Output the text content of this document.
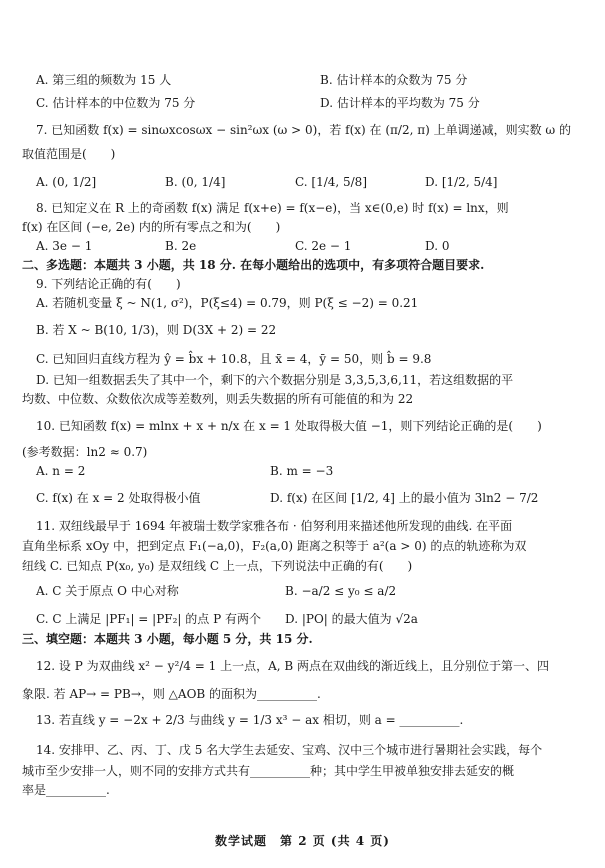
A. 第三组的频数为 15 人	B. 估计样本的众数为 75 分
C. 估计样本的中位数为 75 分	D. 估计样本的平均数为 75 分
7. 已知函数 f(x) = sinωxcosωx − sin²ωx (ω > 0)，若 f(x) 在 (π/2, π) 上单调递减，则实数 ω 的
取值范围是(　　)
A. (0, 1/2]	B. (0, 1/4]	C. [1/4, 5/8]	D. [1/2, 5/4]
8. 已知定义在 R 上的奇函数 f(x) 满足 f(x+e) = f(x−e)，当 x∈(0,e) 时 f(x) = lnx，则
f(x) 在区间 (−e, 2e) 内的所有零点之和为(　　)
A. 3e − 1	B. 2e	C. 2e − 1	D. 0
二、多选题：本题共 3 小题，共 18 分. 在每小题给出的选项中，有多项符合题目要求.
9. 下列结论正确的有(　　)
A. 若随机变量 ξ ~ N(1, σ²)，P(ξ≤4) = 0.79，则 P(ξ ≤ −2) = 0.21
B. 若 X ~ B(10, 1/3)，则 D(3X + 2) = 22
C. 已知回归直线方程为 ŷ = b̂x + 10.8，且 x̄ = 4，ȳ = 50，则 b̂ = 9.8
D. 已知一组数据丢失了其中一个，剩下的六个数据分别是 3,3,5,3,6,11，若这组数据的平
均数、中位数、众数依次成等差数列，则丢失数据的所有可能值的和为 22
10. 已知函数 f(x) = mlnx + x + n/x 在 x = 1 处取得极大值 −1，则下列结论正确的是(　　)
(参考数据：ln2 ≈ 0.7)
A. n = 2	B. m = −3
C. f(x) 在 x = 2 处取得极小值	D. f(x) 在区间 [1/2, 4] 上的最小值为 3ln2 − 7/2
11. 双纽线最早于 1694 年被瑞士数学家雅各布 · 伯努利用来描述他所发现的曲线. 在平面
直角坐标系 xOy 中，把到定点 F₁(−a,0)，F₂(a,0) 距离之积等于 a²(a > 0) 的点的轨迹称为双
纽线 C. 已知点 P(x₀, y₀) 是双纽线 C 上一点，下列说法中正确的有(　　)
A. C 关于原点 O 中心对称	B. −a/2 ≤ y₀ ≤ a/2
C. C 上满足 |PF₁| = |PF₂| 的点 P 有两个 D. |PO| 的最大值为 √2a
三、填空题：本题共 3 小题，每小题 5 分，共 15 分.
12. 设 P 为双曲线 x² − y²/4 = 1 上一点，A, B 两点在双曲线的渐近线上，且分别位于第一、四
象限. 若 AP→ = PB→，则 △AOB 的面积为__________.
13. 若直线 y = −2x + 2/3 与曲线 y = 1/3 x³ − ax 相切，则 a = __________.
14. 安排甲、乙、丙、丁、戊 5 名大学生去延安、宝鸡、汉中三个城市进行暑期社会实践，每个
城市至少安排一人，则不同的安排方式共有__________种；其中学生甲被单独安排去延安的概
率是__________.
数学试题　第 2 页 (共 4 页)
